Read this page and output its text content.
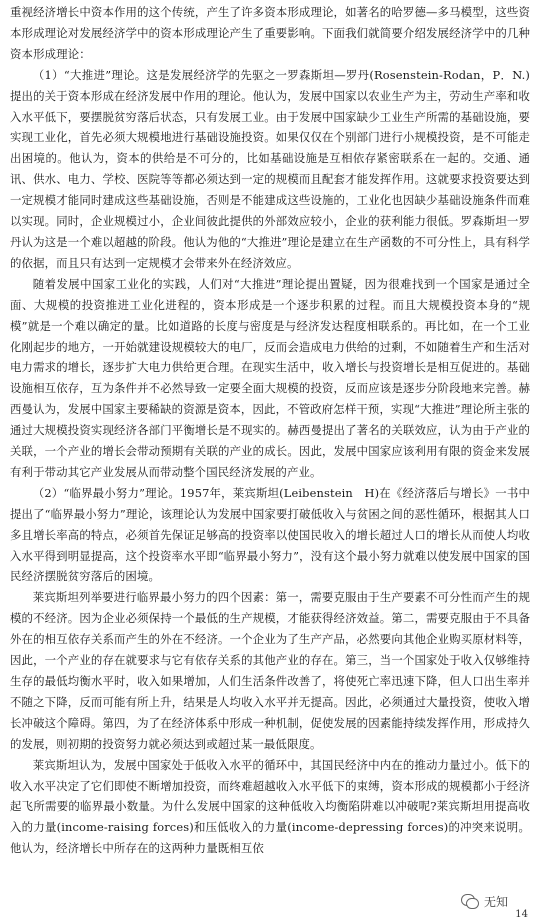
重视经济增长中资本作用的这个传统，产生了许多资本形成理论，如著名的哈罗德—多马模型，这些资本形成理论对发展经济学中的资本形成理论产生了重要影响。下面我们就简要介绍发展经济学中的几种资本形成理论：

（1）“大推进”理论。这是发展经济学的先驱之一罗森斯坦—罗丹(Rosenstein-Rodan，P．N.)提出的关于资本形成在经济发展中作用的理论。他认为，发展中国家以农业生产为主，劳动生产率和收入水平低下，要摆脱贫穷落后状态，只有发展工业。由于发展中国家缺少工业生产所需的基础设施，要实现工业化，首先必须大规模地进行基础设施投资。如果仅仅在个别部门进行小规模投资，是不可能走出困境的。他认为，资本的供给是不可分的，比如基础设施是互相依存紧密联系在一起的。交通、通讯、供水、电力、学校、医院等等都必须达到一定的规模而且配套才能发挥作用。这就要求投资要达到一定规模才能同时建成这些基础设施，否则是不能建成这些设施的，工业化也因缺少基础设施条件而难以实现。同时，企业规模过小，企业间彼此提供的外部效应较小，企业的获利能力很低。罗森斯坦一罗丹认为这是一个难以超越的阶段。他认为他的“大推进”理论是建立在生产函数的不可分性上，具有科学的依据，而且只有达到一定规模才会带来外在经济效应。

随着发展中国家工业化的实践，人们对“大推进”理论提出置疑，因为很难找到一个国家是通过全面、大规模的投资推进工业化进程的，资本形成是一个逐步积累的过程。而且大规模投资本身的“规模”就是一个难以确定的量。比如道路的长度与密度是与经济发达程度相联系的。再比如，在一个工业化刚起步的地方，一开始就建设规模较大的电厂，反而会造成电力供给的过剩，不如随着生产和生活对电力需求的增长，逐步扩大电力供给更合理。在现实生活中，收入增长与投资增长是相互促进的。基础设施相互依存，互为条件并不必然导致一定要全面大规模的投资，反而应该是逐步分阶段地来完善。赫西曼认为，发展中国家主要稀缺的资源是资本，因此，不管政府怎样干预，实现“大推进”理论所主张的通过大规模投资实现经济各部门平衡增长是不现实的。赫西曼提出了著名的关联效应，认为由于产业的关联，一个产业的增长会带动预期有关联的产业的成长。因此，发展中国家应该利用有限的资金来发展有利于带动其它产业发展从而带动整个国民经济发展的产业。

（2）“临界最小努力”理论。1957年，莱宾斯坦(Leibenstein　H)在《经济落后与增长》一书中提出了“临界最小努力”理论，该理论认为发展中国家要打破低收入与贫困之间的恶性循环，根据其人口多且增长率高的特点，必须首先保证足够高的投资率以使国民收入的增长超过人口的增长从而使人均收入水平得到明显提高，这个投资率水平即“临界最小努力”，没有这个最小努力就难以使发展中国家的国民经济摆脱贫穷落后的困境。

莱宾斯坦列举要进行临界最小努力的四个因素：第一，需要克服由于生产要素不可分性而产生的规模的不经济。因为企业必须保持一个最低的生产规模，才能获得经济效益。第二，需要克服由于不具备外在的相互依存关系而产生的外在不经济。一个企业为了生产产品，必然要向其他企业购买原材料等，因此，一个产业的存在就要求与它有依存关系的其他产业的存在。第三，当一个国家处于收入仅够维持生存的最低均衡水平时，收入如果增加，人们生活条件改善了，将使死亡率迅速下降，但人口出生率并不随之下降，反而可能有所上升，结果是人均收入水平并无提高。因此，必须通过大量投资，使收入增长冲破这个障碍。第四，为了在经济体系中形成一种机制，促使发展的因素能持续发挥作用，形成持久的发展，则初期的投资努力就必须达到或超过某一最低限度。

莱宾斯坦认为，发展中国家处于低收入水平的循环中，其国民经济中内在的推动力量过小。低下的收入水平决定了它们即使不断增加投资，而终难超越收入水平低下的束缚，资本形成的规模都小于经济起飞所需要的临界最小数量。为什么发展中国家的这种低收入均衡陷阱难以冲破呢?莱宾斯坦用提高收入的力量(income-raising forces)和压低收入的力量(income-depressing forces)的冲突来说明。他认为，经济增长中所存在的这两种力量既相互依

无知
14
